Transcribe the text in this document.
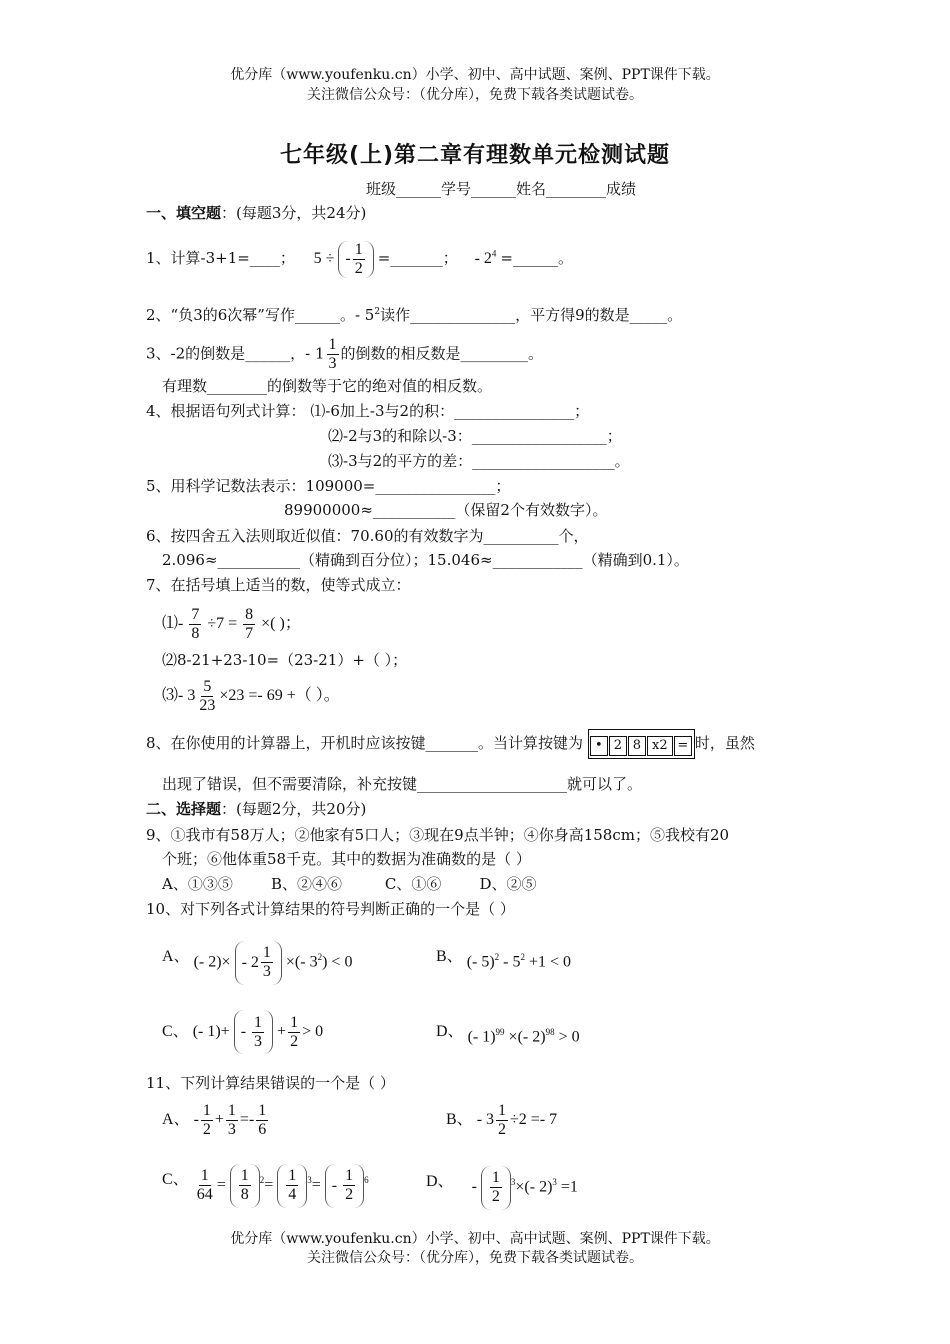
优分库（www.youfenku.cn）小学、初中、高中试题、案例、PPT课件下载。
关注微信公众号：（优分库），免费下载各类试题试卷。
七年级(上)第二章有理数单元检测试题
班级______学号______姓名________成绩
一、填空题：(每题3分，共24分)
1、计算-3+1=____； 5 ÷ - $\frac{1}{2}$ =_______； - $2^4$ =______。
2、“负3的6次幂”写作______。- $5^2$读作______________，平方得9的数是_____。
3、-2的倒数是______，- $1 \frac{1}{3}$ 的倒数的相反数是_________。
有理数________的倒数等于它的绝对值的相反数。
4、根据语句列式计算： ⑴-6加上-3与2的积：________________；
⑵-2与3的和除以-3：__________________；
⑶-3与2的平方的差：___________________。
5、用科学记数法表示：109000=________________；
89900000≈___________（保留2个有效数字）。
6、按四舍五入法则取近似值：70.60的有效数字为__________个，
2.096≈___________（精确到百分位）；15.046≈____________（精确到0.1）。
7、在括号填上适当的数，使等式成立：
⑴- $\frac{7}{8} \div 7 = \frac{8}{7}$ ×( )；
⑵8-21+23-10=（23-21）+（ ）；
⑶- $3 \frac{5}{23} \times 23 =- 69$ +（ ）。
8、在你使用的计算器上，开机时应该按键_______。当计算按键为 • 2 8 x2 = 时，虽然
出现了错误，但不需要清除，补充按键____________________就可以了。
二、选择题：(每题2分，共20分)
9、①我市有58万人；②他家有5口人；③现在9点半钟；④你身高158cm；⑤我校有20
个班；⑥他体重58千克。其中的数据为准确数的是（ ）
A、①③⑤        B、②④⑥         C、①⑥        D、②⑤
10、对下列各式计算结果的符号判断正确的一个是（ ）
A、 (- $2)\times - 2 \frac{1}{3}$ ×(- $3^2) < 0$	B、 (- $5)^2 - 5^2 +1 < 0$
C、 (- $1)+ - \frac{1}{3} + \frac{1}{2} > 0$	D、 (- 1)$^{99}$ ×(- 2)$^{98}$ > 0
11、下列计算结果错误的一个是（ ）
A、 - $\frac{1}{2} + \frac{1}{3} =- \frac{1}{6}$	B、 - $3 \frac{1}{2} \div 2 =- 7$
C、 $\frac{1}{64} = \frac{1}{8} ^2= \frac{1}{4} ^3= - \frac{1}{2} ^6$	D、 - $\frac{1}{2} ^3\times(-$ 2)$^3$ =1
优分库（www.youfenku.cn）小学、初中、高中试题、案例、PPT课件下载。
关注微信公众号：（优分库），免费下载各类试题试卷。
